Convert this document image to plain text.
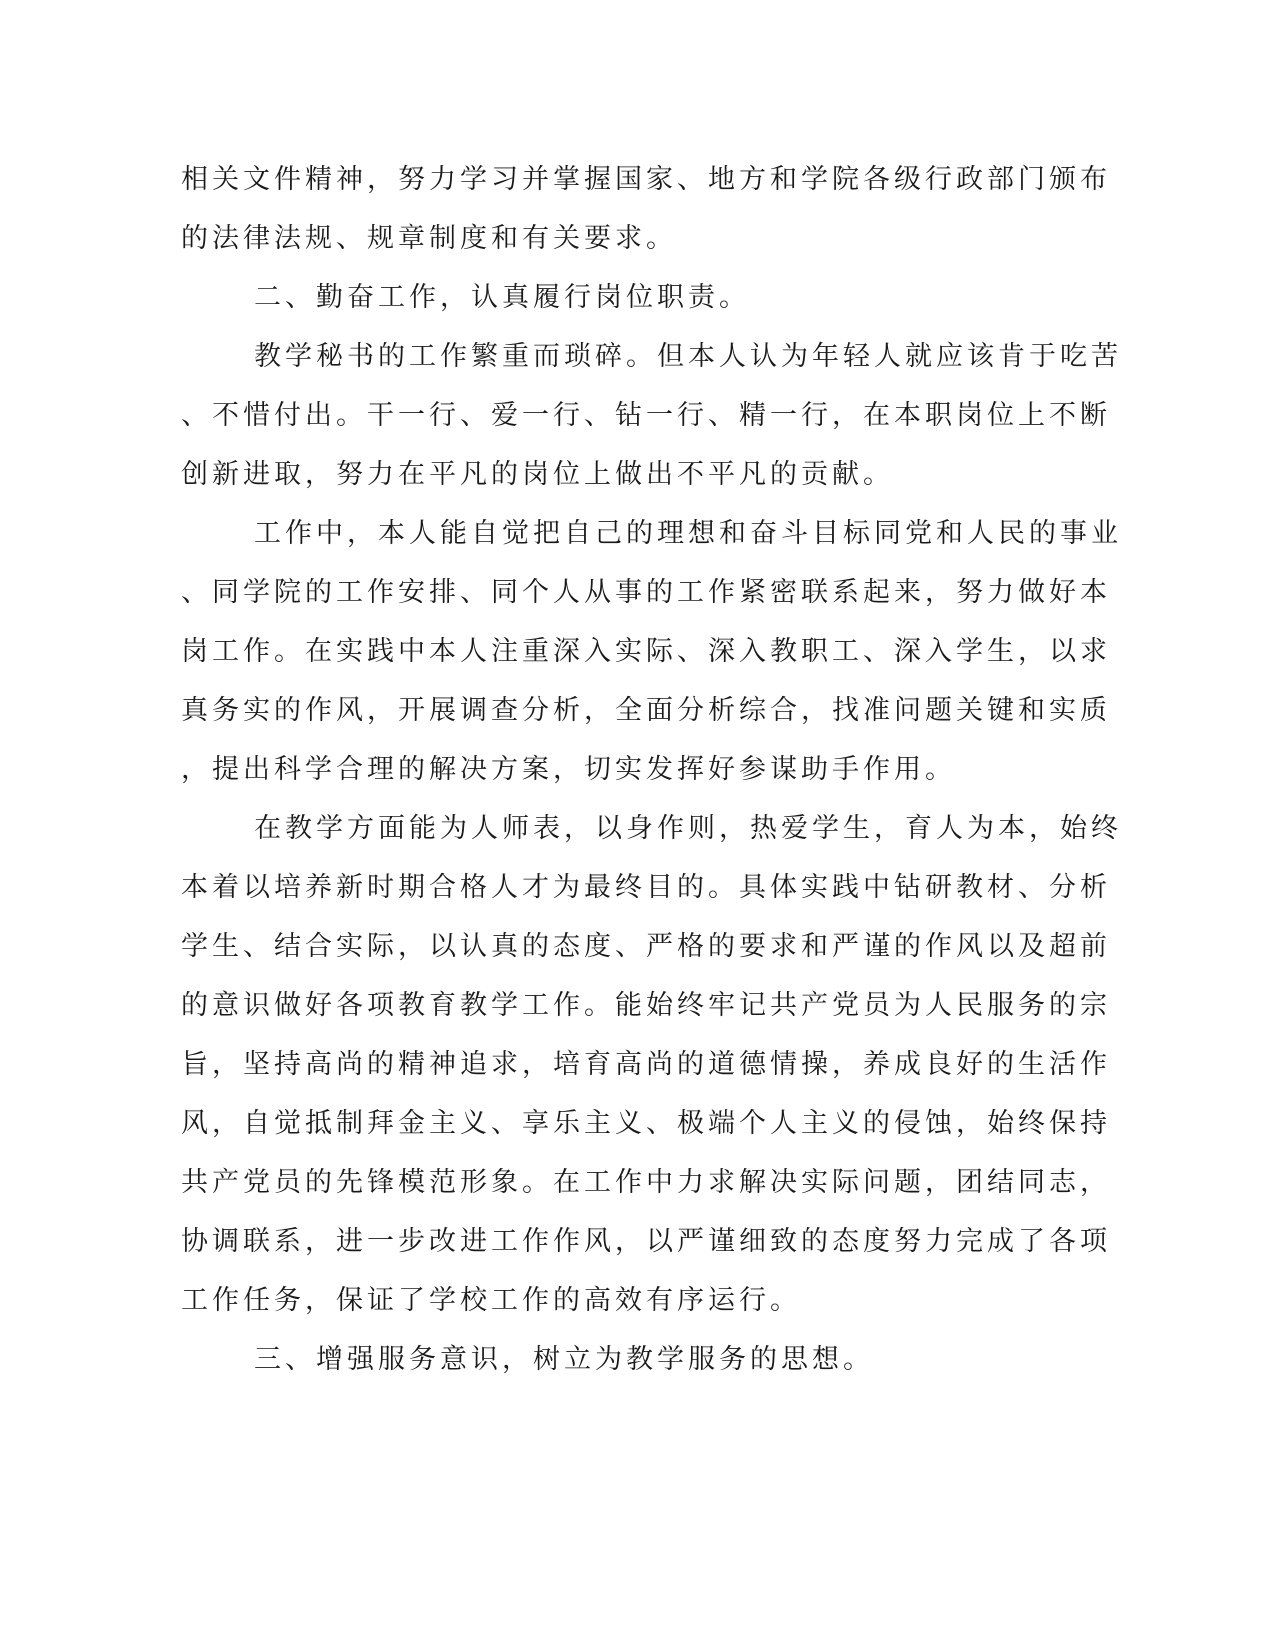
相关文件精神，努力学习并掌握国家、地方和学院各级行政部门颁布
的法律法规、规章制度和有关要求。
二、勤奋工作，认真履行岗位职责。
教学秘书的工作繁重而琐碎。但本人认为年轻人就应该肯于吃苦
、不惜付出。干一行、爱一行、钻一行、精一行，在本职岗位上不断
创新进取，努力在平凡的岗位上做出不平凡的贡献。
工作中，本人能自觉把自己的理想和奋斗目标同党和人民的事业
、同学院的工作安排、同个人从事的工作紧密联系起来，努力做好本
岗工作。在实践中本人注重深入实际、深入教职工、深入学生，以求
真务实的作风，开展调查分析，全面分析综合，找准问题关键和实质
，提出科学合理的解决方案，切实发挥好参谋助手作用。
在教学方面能为人师表，以身作则，热爱学生，育人为本，始终
本着以培养新时期合格人才为最终目的。具体实践中钻研教材、分析
学生、结合实际，以认真的态度、严格的要求和严谨的作风以及超前
的意识做好各项教育教学工作。能始终牢记共产党员为人民服务的宗
旨，坚持高尚的精神追求，培育高尚的道德情操，养成良好的生活作
风，自觉抵制拜金主义、享乐主义、极端个人主义的侵蚀，始终保持
共产党员的先锋模范形象。在工作中力求解决实际问题，团结同志，
协调联系，进一步改进工作作风，以严谨细致的态度努力完成了各项
工作任务，保证了学校工作的高效有序运行。
三、增强服务意识，树立为教学服务的思想。
